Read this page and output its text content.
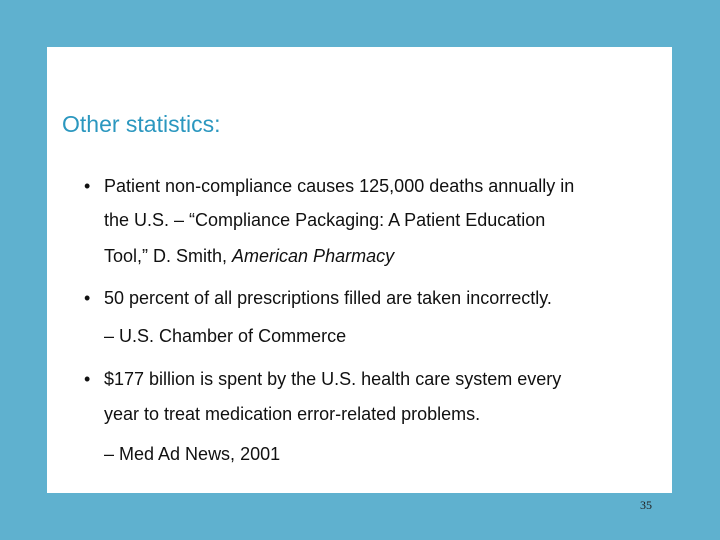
Other statistics:
• Patient non-compliance causes 125,000 deaths annually in

the U.S. – “Compliance Packaging: A Patient Education

Tool,” D. Smith, American Pharmacy

• 50 percent of all prescriptions filled are taken incorrectly.

– U.S. Chamber of Commerce
• $177 billion is spent by the U.S. health care system every

year to treat medication error-related problems.

– Med Ad News, 2001
35
